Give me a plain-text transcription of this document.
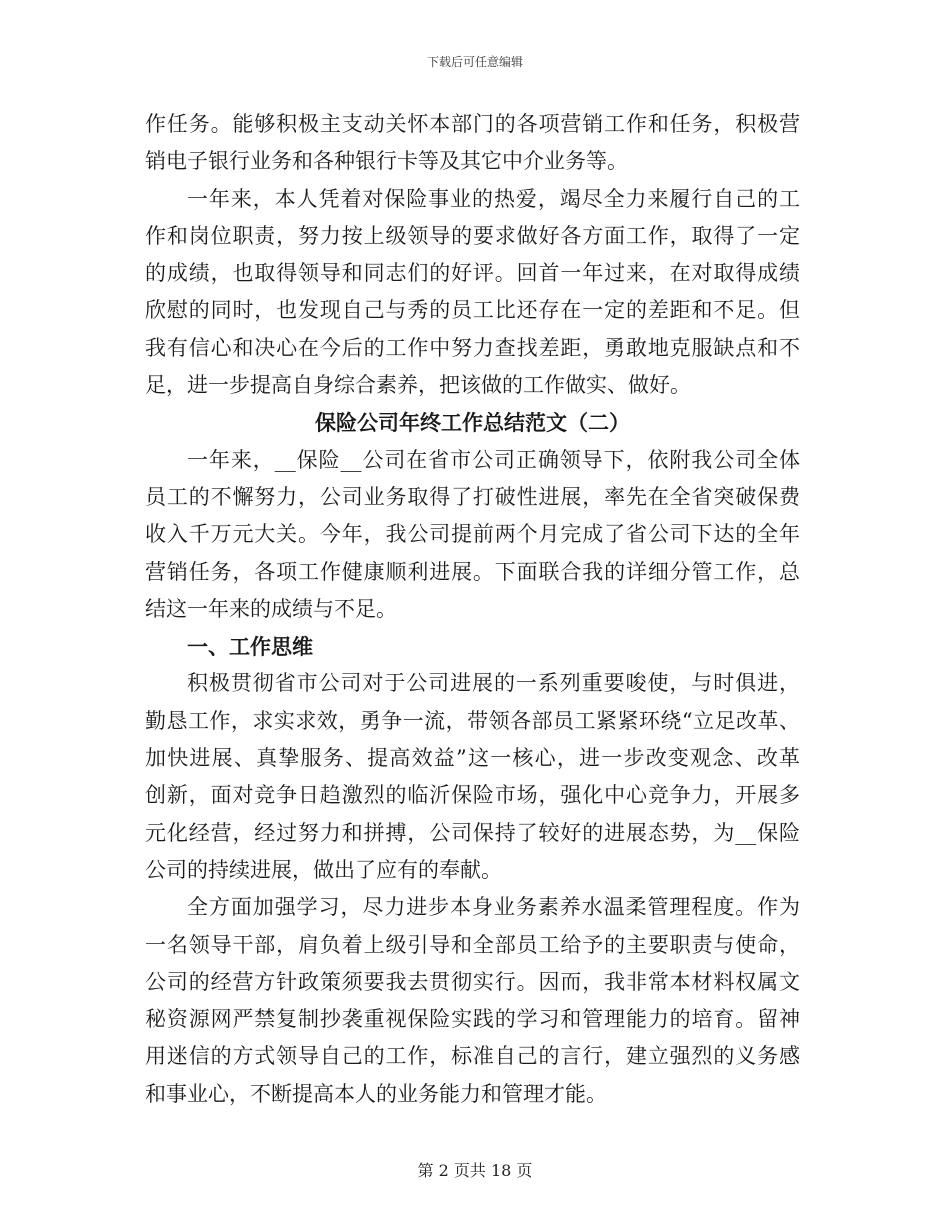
下载后可任意编辑
作任务。能够积极主支动关怀本部门的各项营销工作和任务，积极营
销电子银行业务和各种银行卡等及其它中介业务等。
一年来，本人凭着对保险事业的热爱，竭尽全力来履行自己的工
作和岗位职责，努力按上级领导的要求做好各方面工作，取得了一定
的成绩，也取得领导和同志们的好评。回首一年过来，在对取得成绩
欣慰的同时，也发现自己与秀的员工比还存在一定的差距和不足。但
我有信心和决心在今后的工作中努力查找差距，勇敢地克服缺点和不
足，进一步提高自身综合素养，把该做的工作做实、做好。
保险公司年终工作总结范文（二）
一年来，__保险__公司在省市公司正确领导下，依附我公司全体
员工的不懈努力，公司业务取得了打破性进展，率先在全省突破保费
收入千万元大关。今年，我公司提前两个月完成了省公司下达的全年
营销任务，各项工作健康顺利进展。下面联合我的详细分管工作，总
结这一年来的成绩与不足。
一、工作思维
积极贯彻省市公司对于公司进展的一系列重要唆使，与时俱进，
勤恳工作，求实求效，勇争一流，带领各部员工紧紧环绕“立足改革、
加快进展、真挚服务、提高效益”这一核心，进一步改变观念、改革
创新，面对竞争日趋激烈的临沂保险市场，强化中心竞争力，开展多
元化经营，经过努力和拼搏，公司保持了较好的进展态势，为__保险
公司的持续进展，做出了应有的奉献。
全方面加强学习，尽力进步本身业务素养水温柔管理程度。作为
一名领导干部，肩负着上级引导和全部员工给予的主要职责与使命，
公司的经营方针政策须要我去贯彻实行。因而，我非常本材料权属文
秘资源网严禁复制抄袭重视保险实践的学习和管理能力的培育。留神
用迷信的方式领导自己的工作，标准自己的言行，建立强烈的义务感
和事业心，不断提高本人的业务能力和管理才能。
第 2 页共 18 页
